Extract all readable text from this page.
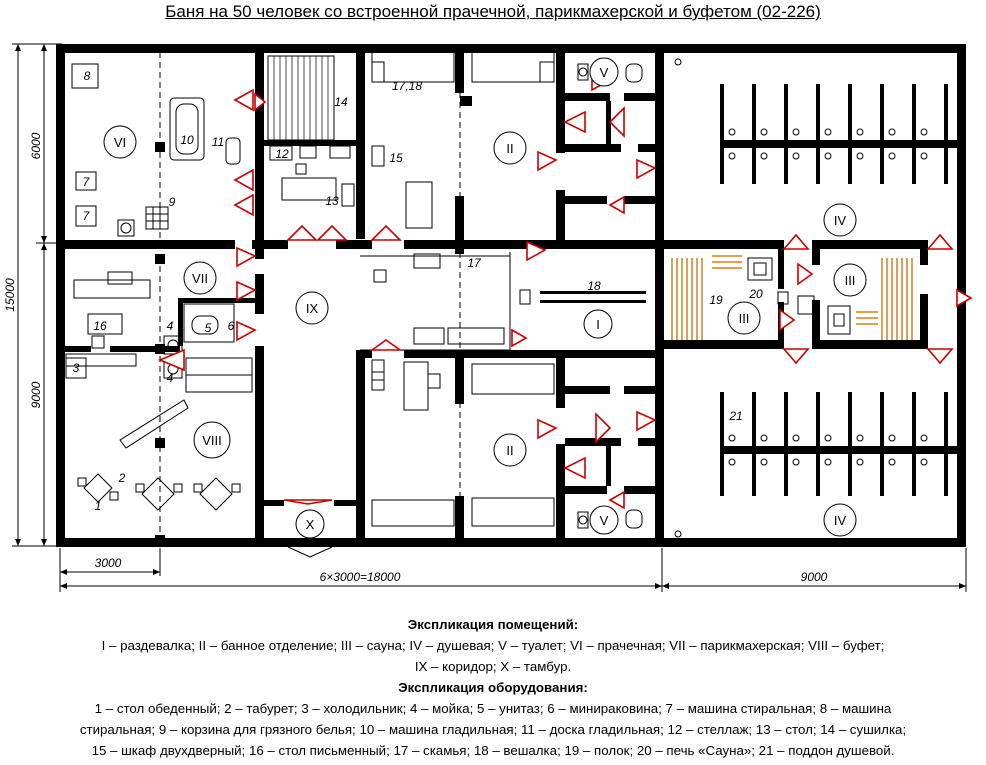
Баня на 50 человек со встроенной прачечной, парикмахерской и буфетом (02-226)
6000
15000
9000
3000
6×3000=18000	9000
I
II
II
III
III
IV
IV
V
V
VI
VII
VIII
IX
X
8
10 11
7
7
9
14
12
13
17,18
15
17
18
16	6
5
4
4
3
2
1
19 20
21
Экспликация помещений:
I – раздевалка; II – банное отделение; III – сауна; IV – душевая; V – туалет; VI – прачечная; VII – парикмахерская; VIII – буфет;
IX – коридор; X – тамбур.
Экспликация оборудования:
1 – стол обеденный; 2 – табурет; 3 – холодильник; 4 – мойка; 5 – унитаз; 6 – минираковина; 7 – машина стиральная; 8 – машина
стиральная; 9 – корзина для грязного белья; 10 – машина гладильная; 11 – доска гладильная; 12 – стеллаж; 13 – стол; 14 – сушилка;
15 – шкаф двухдверный; 16 – стол письменный; 17 – скамья; 18 – вешалка; 19 – полок; 20 – печь «Сауна»; 21 – поддон душевой.
